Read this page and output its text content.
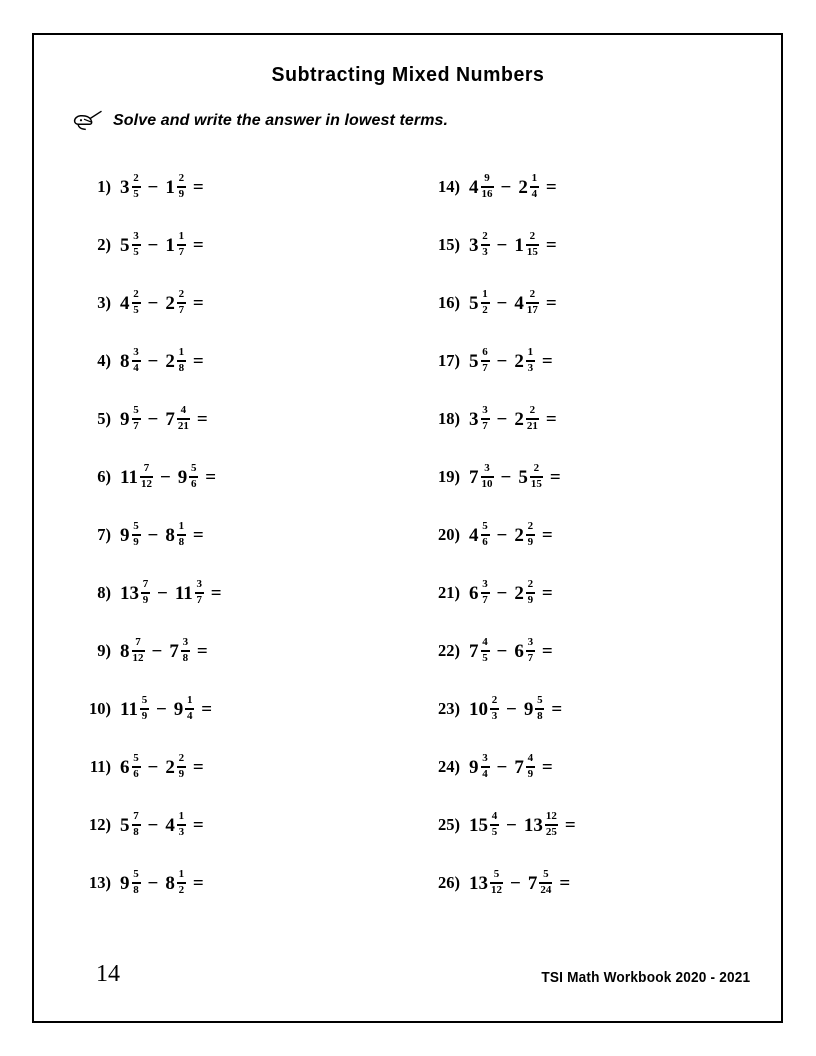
Subtracting Mixed Numbers
Solve and write the answer in lowest terms.
1) $3 \frac{2}{5} - 1 \frac{2}{9}$ =
2) $5 \frac{3}{5} - 1 \frac{1}{7}$ =
3) $4 \frac{2}{5} - 2 \frac{2}{7}$ =
4) $8 \frac{3}{4} - 2 \frac{1}{8}$ =
5) $9 \frac{5}{7} - 7 \frac{4}{21}$ =
6) $11 \frac{7}{12} - 9 \frac{5}{6}$ =
7) $9 \frac{5}{9} - 8 \frac{1}{8}$ =
8) $13 \frac{7}{9} - 11 \frac{3}{7}$ =
9) $8 \frac{7}{12} - 7 \frac{3}{8}$ =
10) $11 \frac{5}{9} - 9 \frac{1}{4}$ =
11) $6 \frac{5}{6} - 2 \frac{2}{9}$ =
12) $5 \frac{7}{8} - 4 \frac{1}{3}$ =
13) $9 \frac{5}{8} - 8 \frac{1}{2}$ =
14) $4 \frac{9}{16} - 2 \frac{1}{4}$ =
15) $3 \frac{2}{3} - 1 \frac{2}{15}$ =
16) $5 \frac{1}{2} - 4 \frac{2}{17}$ =
17) $5 \frac{6}{7} - 2 \frac{1}{3}$ =
18) $3 \frac{3}{7} - 2 \frac{2}{21}$ =
19) $7 \frac{3}{10} - 5 \frac{2}{15}$ =
20) $4 \frac{5}{6} - 2 \frac{2}{9}$ =
21) $6 \frac{3}{7} - 2 \frac{2}{9}$ =
22) $7 \frac{4}{5} - 6 \frac{3}{7}$ =
23) $10 \frac{2}{3} - 9 \frac{5}{8}$ =
24) $9 \frac{3}{4} - 7 \frac{4}{9}$ =
25) $15 \frac{4}{5} - 13 \frac{12}{25}$ =
26) $13 \frac{5}{12} - 7 \frac{5}{24}$ =
14	TSI Math Workbook 2020 - 2021
